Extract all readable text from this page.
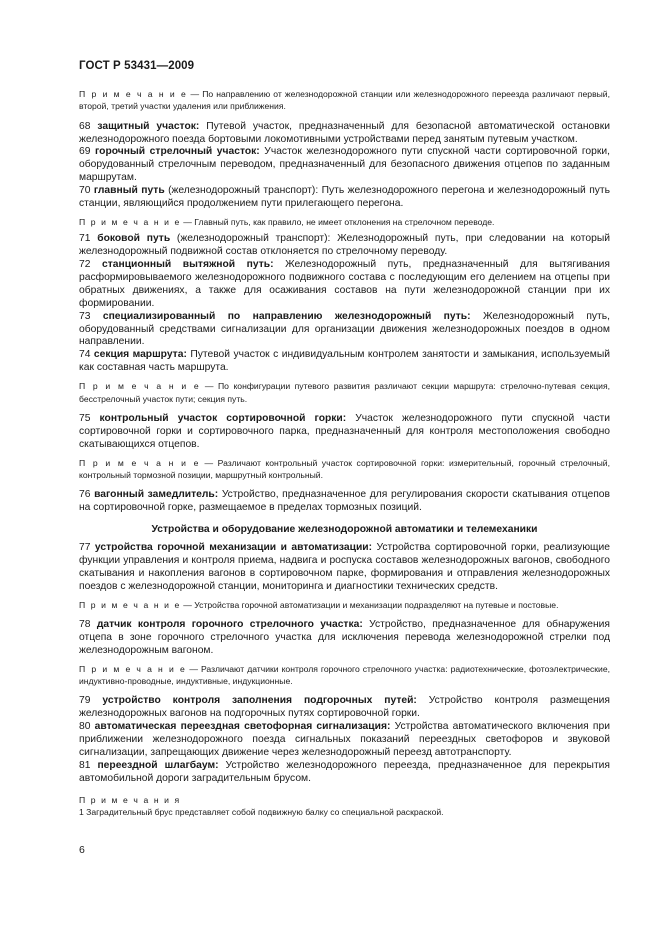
ГОСТ Р 53431—2009

П р и м е ч а н и е — По направлению от железнодорожной станции или железнодорожного переезда различают первый, второй, третий участки удаления или приближения.

68 защитный участок: Путевой участок, предназначенный для безопасной автоматической остановки железнодорожного поезда бортовыми локомотивными устройствами перед занятым путевым участком.

69 горочный стрелочный участок: Участок железнодорожного пути спускной части сортировочной горки, оборудованный стрелочным переводом, предназначенный для безопасного движения отцепов по заданным маршрутам.

70 главный путь (железнодорожный транспорт): Путь железнодорожного перегона и железнодорожный путь станции, являющийся продолжением пути прилегающего перегона.

П р и м е ч а н и е — Главный путь, как правило, не имеет отклонения на стрелочном переводе.

71 боковой путь (железнодорожный транспорт): Железнодорожный путь, при следовании на который железнодорожный подвижной состав отклоняется по стрелочному переводу.

72 станционный вытяжной путь: Железнодорожный путь, предназначенный для вытягивания расформировываемого железнодорожного подвижного состава с последующим его делением на отцепы при обратных движениях, а также для осаживания составов на пути железнодорожной станции при их формировании.

73 специализированный по направлению железнодорожный путь: Железнодорожный путь, оборудованный средствами сигнализации для организации движения железнодорожных поездов в одном направлении.

74 секция маршрута: Путевой участок с индивидуальным контролем занятости и замыкания, используемый как составная часть маршрута.

П р и м е ч а н и е — По конфигурации путевого развития различают секции маршрута: стрелочно-путевая секция, бесстрелочный участок пути; секция путь.

75 контрольный участок сортировочной горки: Участок железнодорожного пути спускной части сортировочной горки и сортировочного парка, предназначенный для контроля местоположения свободно скатывающихся отцепов.

П р и м е ч а н и е — Различают контрольный участок сортировочной горки: измерительный, горочный стрелочный, контрольный тормозной позиции, маршрутный контрольный.

76 вагонный замедлитель: Устройство, предназначенное для регулирования скорости скатывания отцепов на сортировочной горке, размещаемое в пределах тормозных позиций.

Устройства и оборудование железнодорожной автоматики и телемеханики

77 устройства горочной механизации и автоматизации: Устройства сортировочной горки, реализующие функции управления и контроля приема, надвига и роспуска составов железнодорожных вагонов, свободного скатывания и накопления вагонов в сортировочном парке, формирования и отправления железнодорожных поездов с железнодорожной станции, мониторинга и диагностики технических средств.

П р и м е ч а н и е — Устройства горочной автоматизации и механизации подразделяют на путевые и постовые.

78 датчик контроля горочного стрелочного участка: Устройство, предназначенное для обнаружения отцепа в зоне горочного стрелочного участка для исключения перевода железнодорожной стрелки под железнодорожным вагоном.

П р и м е ч а н и е — Различают датчики контроля горочного стрелочного участка: радиотехнические, фотоэлектрические, индуктивно-проводные, индуктивные, индукционные.

79 устройство контроля заполнения подгорочных путей: Устройство контроля размещения железнодорожных вагонов на подгорочных путях сортировочной горки.

80 автоматическая переездная светофорная сигнализация: Устройства автоматического включения при приближении железнодорожного поезда сигнальных показаний переездных светофоров и звуковой сигнализации, запрещающих движение через железнодорожный переезд автотранспорту.

81 переездной шлагбаум: Устройство железнодорожного переезда, предназначенное для перекрытия автомобильной дороги заградительным брусом.

П р и м е ч а н и я

1 Заградительный брус представляет собой подвижную балку со специальной раскраской.

6
